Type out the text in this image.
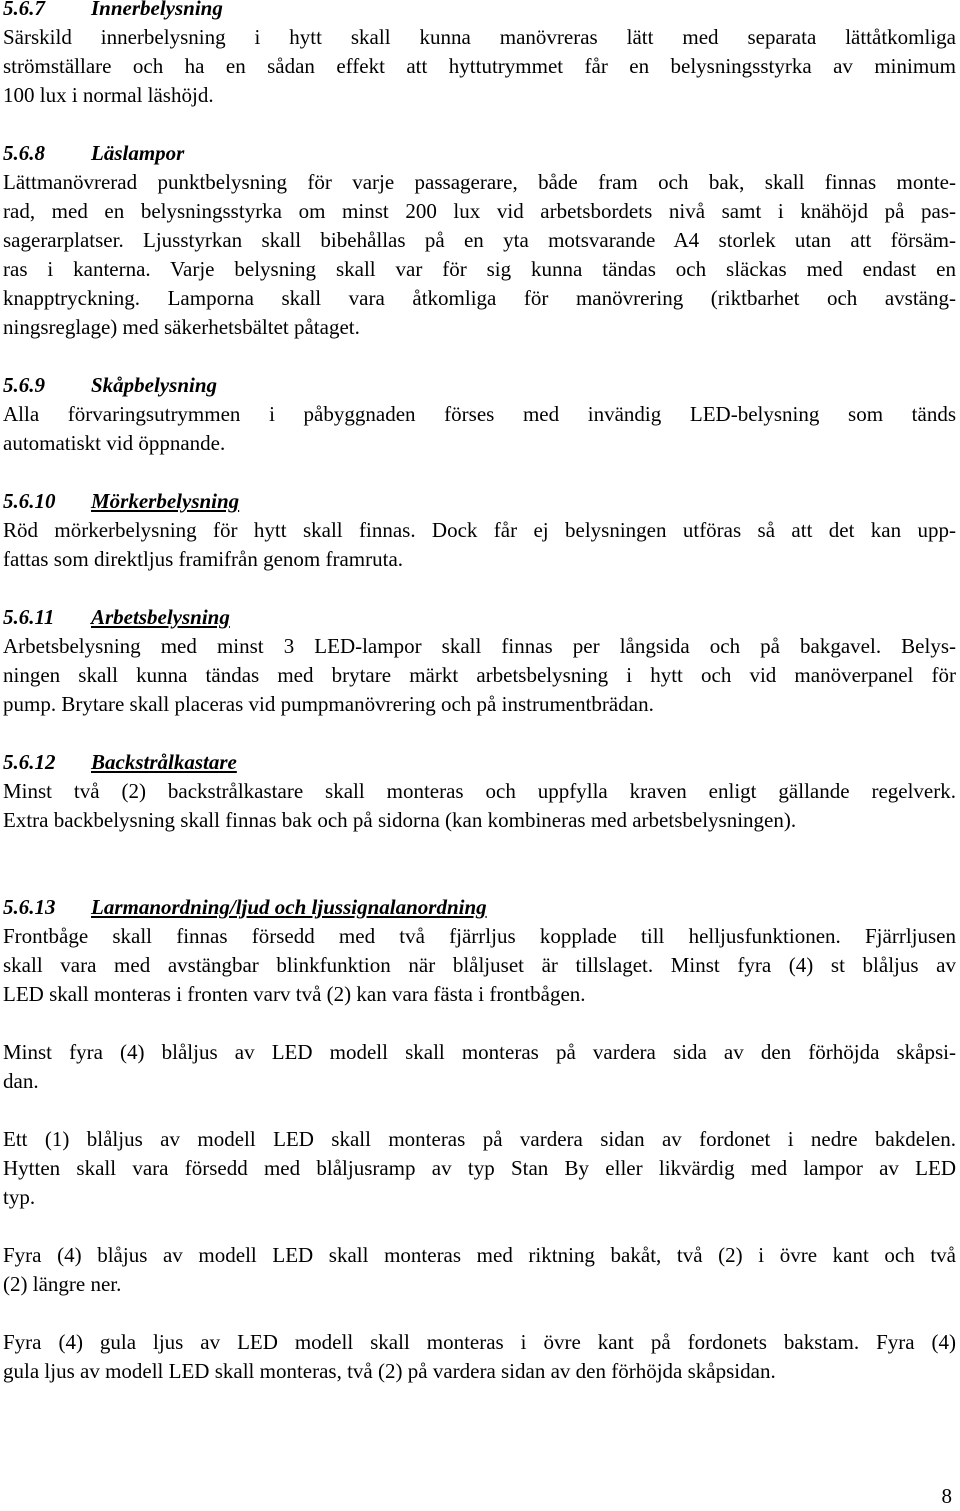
5.6.7 Innerbelysning

Särskild innerbelysning i hytt skall kunna manövreras lätt med separata lättåtkomliga
strömställare och ha en sådan effekt att hyttutrymmet får en belysningsstyrka av minimum
100 lux i normal läshöjd.

5.6.8 Läslampor

Lättmanövrerad punktbelysning för varje passagerare, både fram och bak, skall finnas monte-
rad, med en belysningsstyrka om minst 200 lux vid arbetsbordets nivå samt i knähöjd på pas-
sagerarplatser. Ljusstyrkan skall bibehållas på en yta motsvarande A4 storlek utan att försäm-
ras i kanterna. Varje belysning skall var för sig kunna tändas och släckas med endast en
knapptryckning. Lamporna skall vara åtkomliga för manövrering (riktbarhet och avstäng-
ningsreglage) med säkerhetsbältet påtaget.

5.6.9 Skåpbelysning

Alla förvaringsutrymmen i påbyggnaden förses med invändig LED-belysning som tänds
automatiskt vid öppnande.

5.6.10 Mörkerbelysning

Röd mörkerbelysning för hytt skall finnas. Dock får ej belysningen utföras så att det kan upp-
fattas som direktljus framifrån genom framruta.

5.6.11 Arbetsbelysning

Arbetsbelysning med minst 3 LED-lampor skall finnas per långsida och på bakgavel. Belys-
ningen skall kunna tändas med brytare märkt arbetsbelysning i hytt och vid manöverpanel för
pump. Brytare skall placeras vid pumpmanövrering och på instrumentbrädan.

5.6.12 Backstrålkastare

Minst två (2) backstrålkastare skall monteras och uppfylla kraven enligt gällande regelverk.
Extra backbelysning skall finnas bak och på sidorna (kan kombineras med arbetsbelysningen).

5.6.13 Larmanordning/ljud och ljussignalanordning

Frontbåge skall finnas försedd med två fjärrljus kopplade till helljusfunktionen. Fjärrljusen
skall vara med avstängbar blinkfunktion när blåljuset är tillslaget. Minst fyra (4) st blåljus av
LED skall monteras i fronten varv två (2) kan vara fästa i frontbågen.

Minst fyra (4) blåljus av LED modell skall monteras på vardera sida av den förhöjda skåpsi-
dan.

Ett (1) blåljus av modell LED skall monteras på vardera sidan av fordonet i nedre bakdelen.
Hytten skall vara försedd med blåljusramp av typ Stan By eller likvärdig med lampor av LED
typ.

Fyra (4) blåjus av modell LED skall monteras med riktning bakåt, två (2) i övre kant och två
(2) längre ner.

Fyra (4) gula ljus av LED modell skall monteras i övre kant på fordonets bakstam. Fyra (4)
gula ljus av modell LED skall monteras, två (2) på vardera sidan av den förhöjda skåpsidan.

8
